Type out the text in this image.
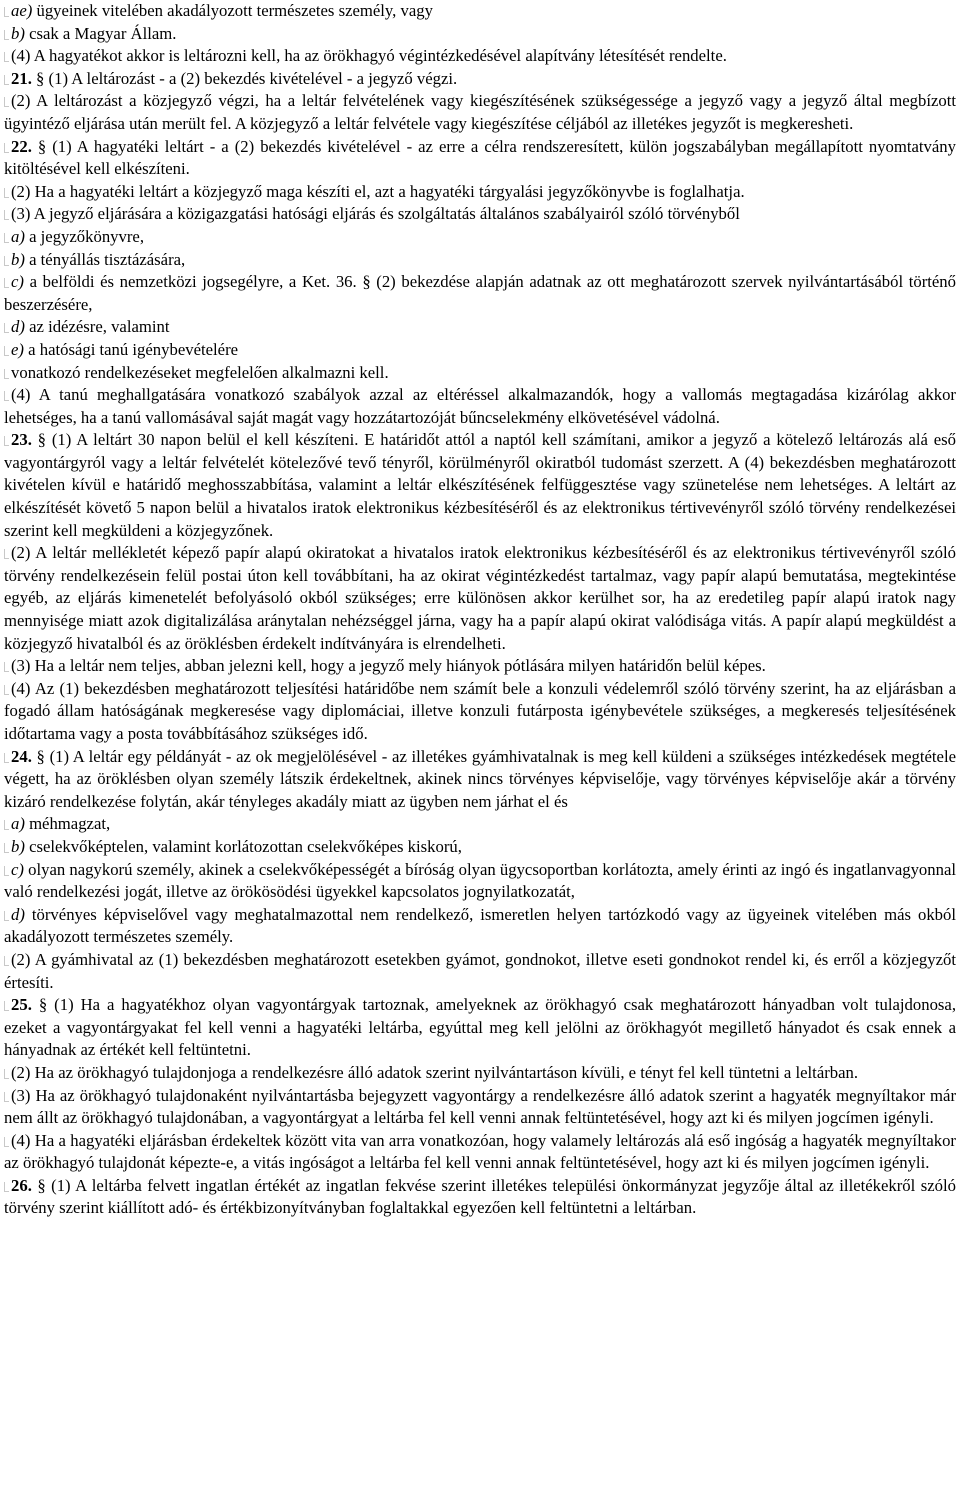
ae) ügyeinek vitelében akadályozott természetes személy, vagy

b) csak a Magyar Állam.

(4) A hagyatékot akkor is leltározni kell, ha az örökhagyó végintézkedésével alapítvány létesítését rendelte.

21. § (1) A leltározást - a (2) bekezdés kivételével - a jegyző végzi.

(2) A leltározást a közjegyző végzi, ha a leltár felvételének vagy kiegészítésének szükségessége a jegyző vagy a jegyző által megbízott ügyintéző eljárása után merült fel. A közjegyző a leltár felvétele vagy kiegészítése céljából az illetékes jegyzőt is megkeresheti.

22. § (1) A hagyatéki leltárt - a (2) bekezdés kivételével - az erre a célra rendszeresített, külön jogszabályban megállapított nyomtatvány kitöltésével kell elkészíteni.

(2) Ha a hagyatéki leltárt a közjegyző maga készíti el, azt a hagyatéki tárgyalási jegyzőkönyvbe is foglalhatja.

(3) A jegyző eljárására a közigazgatási hatósági eljárás és szolgáltatás általános szabályairól szóló törvényből

a) a jegyzőkönyvre,

b) a tényállás tisztázására,

c) a belföldi és nemzetközi jogsegélyre, a Ket. 36. § (2) bekezdése alapján adatnak az ott meghatározott szervek nyilvántartásából történő beszerzésére,

d) az idézésre, valamint

e) a hatósági tanú igénybevételére

vonatkozó rendelkezéseket megfelelően alkalmazni kell.

(4) A tanú meghallgatására vonatkozó szabályok azzal az eltéréssel alkalmazandók, hogy a vallomás megtagadása kizárólag akkor lehetséges, ha a tanú vallomásával saját magát vagy hozzátartozóját bűncselekmény elkövetésével vádolná.

23. § (1) A leltárt 30 napon belül el kell készíteni. E határidőt attól a naptól kell számítani, amikor a jegyző a kötelező leltározás alá eső vagyontárgyról vagy a leltár felvételét kötelezővé tevő tényről, körülményről okiratból tudomást szerzett. A (4) bekezdésben meghatározott kivételen kívül e határidő meghosszabbítása, valamint a leltár elkészítésének felfüggesztése vagy szünetelése nem lehetséges. A leltárt az elkészítését követő 5 napon belül a hivatalos iratok elektronikus kézbesítéséről és az elektronikus tértivevényről szóló törvény rendelkezései szerint kell megküldeni a közjegyzőnek.

(2) A leltár mellékletét képező papír alapú okiratokat a hivatalos iratok elektronikus kézbesítéséről és az elektronikus tértivevényről szóló törvény rendelkezésein felül postai úton kell továbbítani, ha az okirat végintézkedést tartalmaz, vagy papír alapú bemutatása, megtekintése egyéb, az eljárás kimenetelét befolyásoló okból szükséges; erre különösen akkor kerülhet sor, ha az eredetileg papír alapú iratok nagy mennyisége miatt azok digitalizálása aránytalan nehézséggel járna, vagy ha a papír alapú okirat valódisága vitás. A papír alapú megküldést a közjegyző hivatalból és az öröklésben érdekelt indítványára is elrendelheti.

(3) Ha a leltár nem teljes, abban jelezni kell, hogy a jegyző mely hiányok pótlására milyen határidőn belül képes.

(4) Az (1) bekezdésben meghatározott teljesítési határidőbe nem számít bele a konzuli védelemről szóló törvény szerint, ha az eljárásban a fogadó állam hatóságának megkeresése vagy diplomáciai, illetve konzuli futárposta igénybevétele szükséges, a megkeresés teljesítésének időtartama vagy a posta továbbításához szükséges idő.

24. § (1) A leltár egy példányát - az ok megjelölésével - az illetékes gyámhivatalnak is meg kell küldeni a szükséges intézkedések megtétele végett, ha az öröklésben olyan személy látszik érdekeltnek, akinek nincs törvényes képviselője, vagy törvényes képviselője akár a törvény kizáró rendelkezése folytán, akár tényleges akadály miatt az ügyben nem járhat el és

a) méhmagzat,

b) cselekvőképtelen, valamint korlátozottan cselekvőképes kiskorú,

c) olyan nagykorú személy, akinek a cselekvőképességét a bíróság olyan ügycsoportban korlátozta, amely érinti az ingó és ingatlanvagyonnal való rendelkezési jogát, illetve az örökösödési ügyekkel kapcsolatos jognyilatkozatát,

d) törvényes képviselővel vagy meghatalmazottal nem rendelkező, ismeretlen helyen tartózkodó vagy az ügyeinek vitelében más okból akadályozott természetes személy.

(2) A gyámhivatal az (1) bekezdésben meghatározott esetekben gyámot, gondnokot, illetve eseti gondnokot rendel ki, és erről a közjegyzőt értesíti.

25. § (1) Ha a hagyatékhoz olyan vagyontárgyak tartoznak, amelyeknek az örökhagyó csak meghatározott hányadban volt tulajdonosa, ezeket a vagyontárgyakat fel kell venni a hagyatéki leltárba, egyúttal meg kell jelölni az örökhagyót megillető hányadot és csak ennek a hányadnak az értékét kell feltüntetni.

(2) Ha az örökhagyó tulajdonjoga a rendelkezésre álló adatok szerint nyilvántartáson kívüli, e tényt fel kell tüntetni a leltárban.

(3) Ha az örökhagyó tulajdonaként nyilvántartásba bejegyzett vagyontárgy a rendelkezésre álló adatok szerint a hagyaték megnyíltakor már nem állt az örökhagyó tulajdonában, a vagyontárgyat a leltárba fel kell venni annak feltüntetésével, hogy azt ki és milyen jogcímen igényli.

(4) Ha a hagyatéki eljárásban érdekeltek között vita van arra vonatkozóan, hogy valamely leltározás alá eső ingóság a hagyaték megnyíltakor az örökhagyó tulajdonát képezte-e, a vitás ingóságot a leltárba fel kell venni annak feltüntetésével, hogy azt ki és milyen jogcímen igényli.

26. § (1) A leltárba felvett ingatlan értékét az ingatlan fekvése szerint illetékes települési önkormányzat jegyzője által az illetékekről szóló törvény szerint kiállított adó- és értékbizonyítványban foglaltakkal egyezően kell feltüntetni a leltárban.
